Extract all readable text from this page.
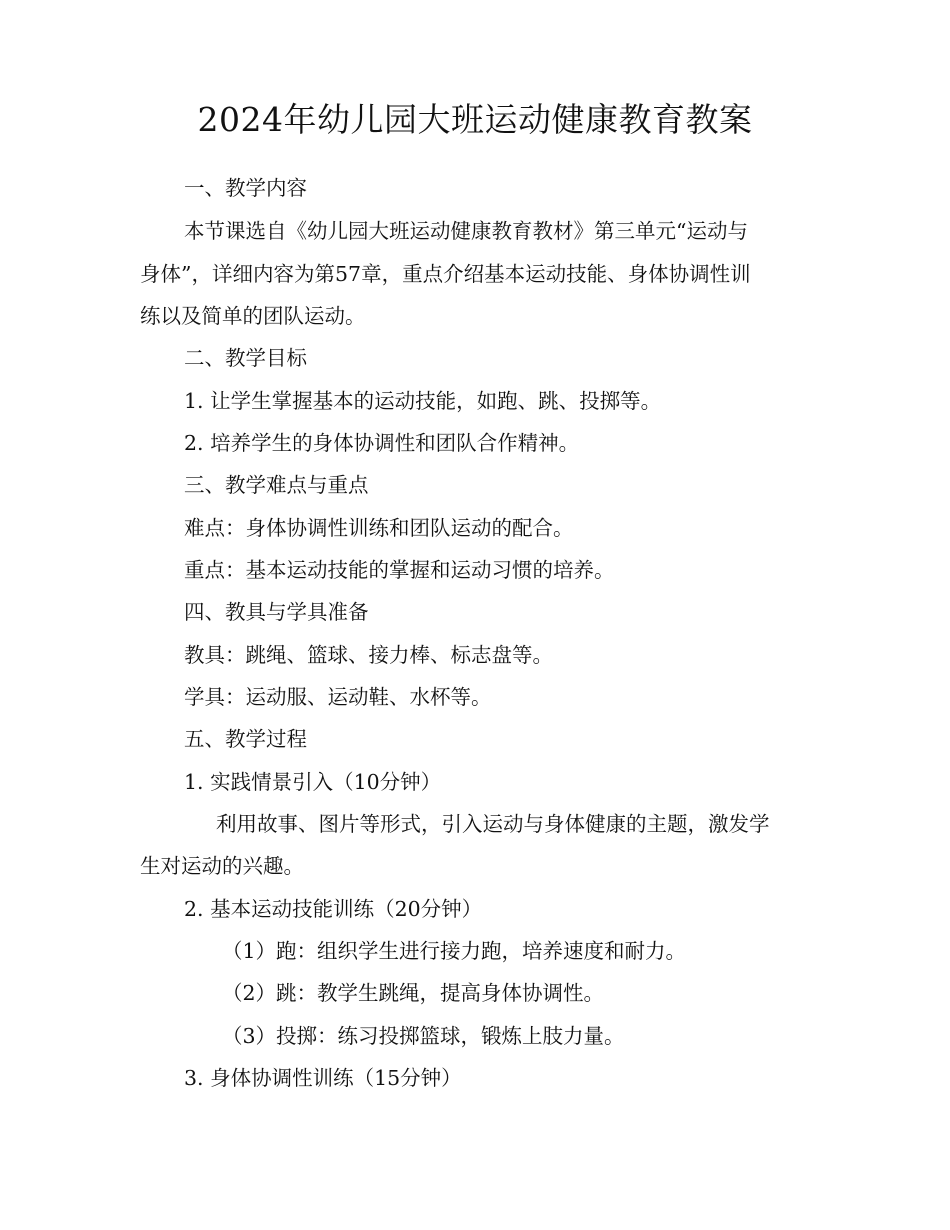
2024年幼儿园大班运动健康教育教案
一、教学内容
本节课选自《幼儿园大班运动健康教育教材》第三单元“运动与
身体”，详细内容为第57章，重点介绍基本运动技能、身体协调性训
练以及简单的团队运动。
二、教学目标
1. 让学生掌握基本的运动技能，如跑、跳、投掷等。
2. 培养学生的身体协调性和团队合作精神。
三、教学难点与重点
难点：身体协调性训练和团队运动的配合。
重点：基本运动技能的掌握和运动习惯的培养。
四、教具与学具准备
教具：跳绳、篮球、接力棒、标志盘等。
学具：运动服、运动鞋、水杯等。
五、教学过程
1. 实践情景引入（10分钟）
利用故事、图片等形式，引入运动与身体健康的主题，激发学
生对运动的兴趣。
2. 基本运动技能训练（20分钟）
（1）跑：组织学生进行接力跑，培养速度和耐力。
（2）跳：教学生跳绳，提高身体协调性。
（3）投掷：练习投掷篮球，锻炼上肢力量。
3. 身体协调性训练（15分钟）
